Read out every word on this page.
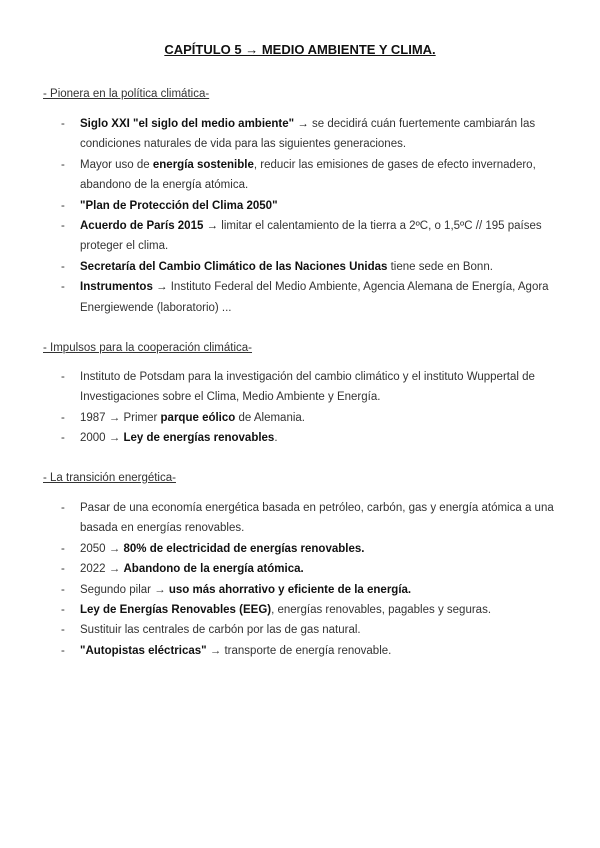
CAPÍTULO 5 → MEDIO AMBIENTE Y CLIMA.
- Pionera en la política climática-
- Siglo XXI "el siglo del medio ambiente" → se decidirá cuán fuertemente cambiarán las condiciones naturales de vida para las siguientes generaciones.
- Mayor uso de energía sostenible, reducir las emisiones de gases de efecto invernadero, abandono de la energía atómica.
- "Plan de Protección del Clima 2050"
- Acuerdo de París 2015 → limitar el calentamiento de la tierra a 2ºC, o 1,5ºC // 195 países proteger el clima.
- Secretaría del Cambio Climático de las Naciones Unidas tiene sede en Bonn.
- Instrumentos → Instituto Federal del Medio Ambiente, Agencia Alemana de Energía, Agora Energiewende (laboratorio) ...
- Impulsos para la cooperación climática-
- Instituto de Potsdam para la investigación del cambio climático y el instituto Wuppertal de Investigaciones sobre el Clima, Medio Ambiente y Energía.
- 1987 → Primer parque eólico de Alemania.
- 2000 → Ley de energías renovables.
- La transición energética-
- Pasar de una economía energética basada en petróleo, carbón, gas y energía atómica a una basada en energías renovables.
- 2050 → 80% de electricidad de energías renovables.
- 2022 → Abandono de la energía atómica.
- Segundo pilar → uso más ahorrativo y eficiente de la energía.
- Ley de Energías Renovables (EEG), energías renovables, pagables y seguras.
- Sustituir las centrales de carbón por las de gas natural.
- "Autopistas eléctricas" → transporte de energía renovable.
